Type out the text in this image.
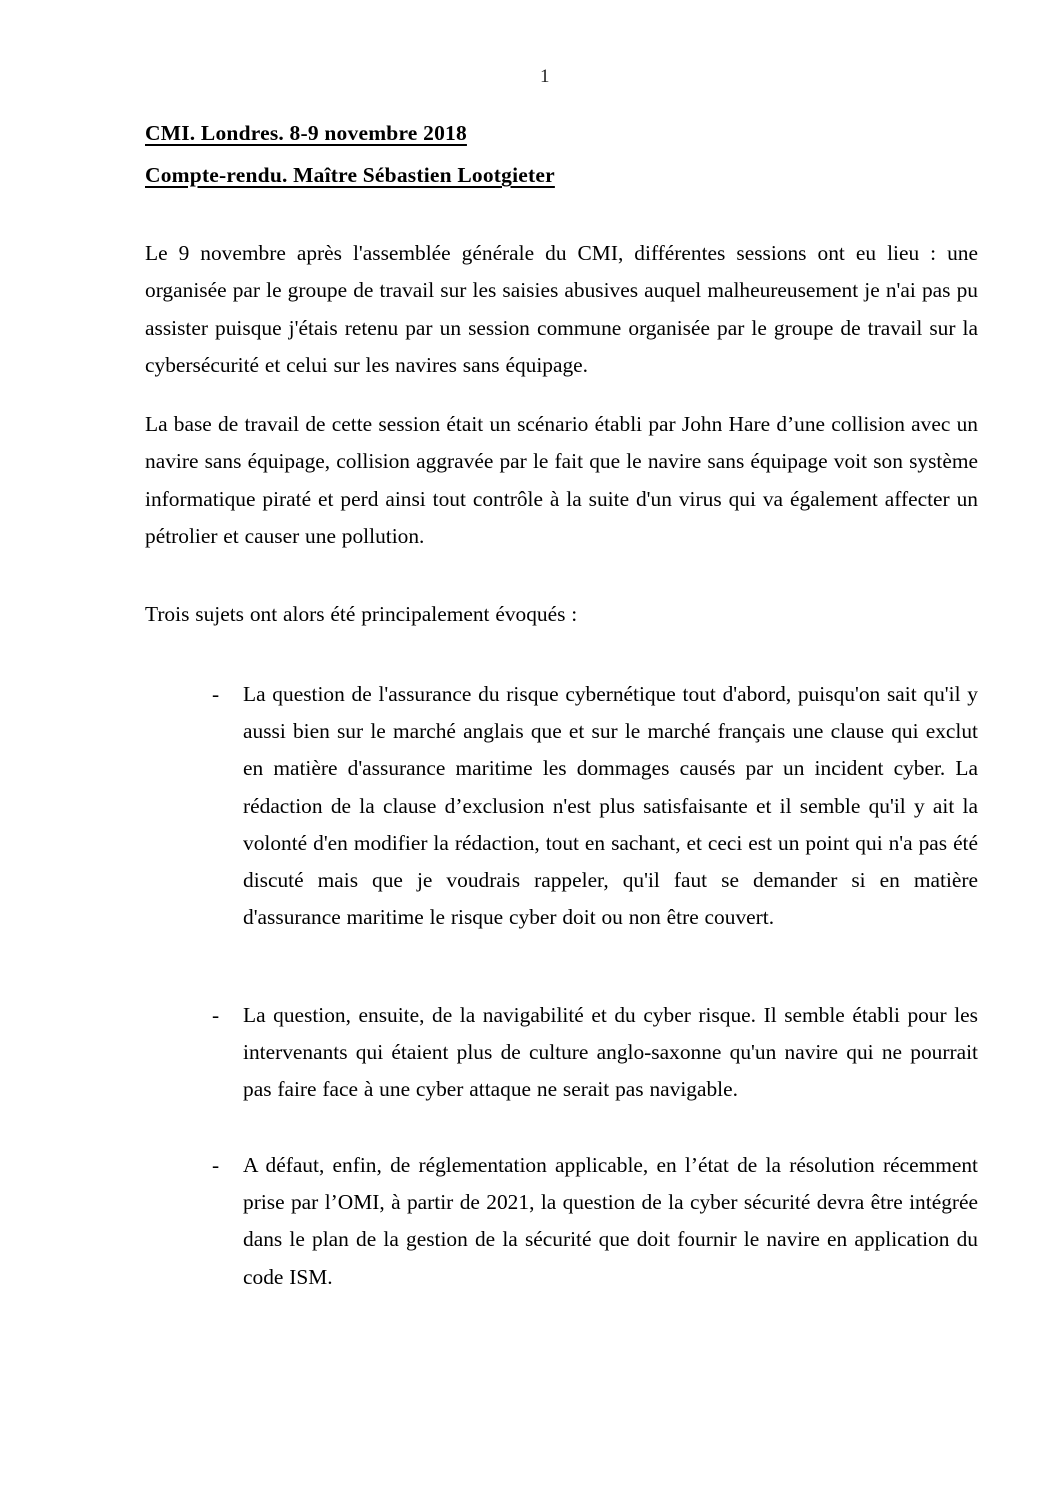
1
CMI. Londres. 8-9 novembre 2018
Compte-rendu. Maître Sébastien Lootgieter

Le 9 novembre après l'assemblée générale du CMI, différentes sessions ont eu lieu : une organisée par le groupe de travail sur les saisies abusives auquel malheureusement je n'ai pas pu assister puisque j'étais retenu par un session commune organisée par le groupe de travail sur la cybersécurité et celui sur les navires sans équipage.

La base de travail de cette session était un scénario établi par John Hare d’une collision avec un navire sans équipage, collision aggravée par le fait que le navire sans équipage voit son système informatique piraté et perd ainsi tout contrôle à la suite d'un virus qui va également affecter un pétrolier et causer une pollution.

Trois sujets ont alors été principalement évoqués :

-	La question de l'assurance du risque cybernétique tout d'abord, puisqu'on sait qu'il y aussi bien sur le marché anglais que et sur le marché français une clause qui exclut en matière d'assurance maritime les dommages causés par un incident cyber. La rédaction de la clause d’exclusion n'est plus satisfaisante et il semble qu'il y ait la volonté d'en modifier la rédaction, tout en sachant, et ceci est un point qui n'a pas été discuté mais que je voudrais rappeler, qu'il faut se demander si en matière d'assurance maritime le risque cyber doit ou non être couvert.
-	La question, ensuite, de la navigabilité et du cyber risque. Il semble établi pour les intervenants qui étaient plus de culture anglo-saxonne qu'un navire qui ne pourrait pas faire face à une cyber attaque ne serait pas navigable.
-	A défaut, enfin, de réglementation applicable, en l’état de la résolution récemment prise par l’OMI, à partir de 2021, la question de la cyber sécurité devra être intégrée dans le plan de la gestion de la sécurité que doit fournir le navire en application du code ISM.
